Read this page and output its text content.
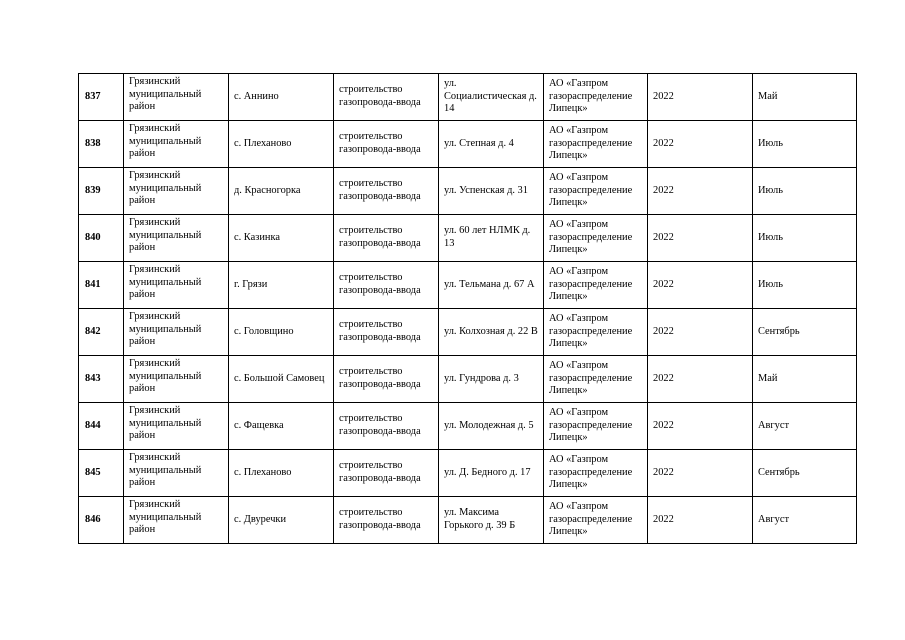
837	Грязинский муниципальный район	с. Аннино	строительство газопровода-ввода	ул. Социалистическая д. 14	АО «Газпром газораспределение Липецк»	2022	Май
838	Грязинский муниципальный район	с. Плеханово	строительство газопровода-ввода	ул. Степная д. 4	АО «Газпром газораспределение Липецк»	2022	Июль
839	Грязинский муниципальный район	д. Красногорка	строительство газопровода-ввода	ул. Успенская д. 31	АО «Газпром газораспределение Липецк»	2022	Июль
840	Грязинский муниципальный район	с. Казинка	строительство газопровода-ввода	ул. 60 лет НЛМК д. 13	АО «Газпром газораспределение Липецк»	2022	Июль
841	Грязинский муниципальный район	г. Грязи	строительство газопровода-ввода	ул. Тельмана д. 67 А	АО «Газпром газораспределение Липецк»	2022	Июль
842	Грязинский муниципальный район	с. Головщино	строительство газопровода-ввода	ул. Колхозная д. 22 В	АО «Газпром газораспределение Липецк»	2022	Сентябрь
843	Грязинский муниципальный район	с. Большой Самовец	строительство газопровода-ввода	ул. Гундрова д. 3	АО «Газпром газораспределение Липецк»	2022	Май
844	Грязинский муниципальный район	с. Фащевка	строительство газопровода-ввода	ул. Молодежная д. 5	АО «Газпром газораспределение Липецк»	2022	Август
845	Грязинский муниципальный район	с. Плеханово	строительство газопровода-ввода	ул. Д. Бедного д. 17	АО «Газпром газораспределение Липецк»	2022	Сентябрь
846	Грязинский муниципальный район	с. Двуречки	строительство газопровода-ввода	ул. Максима Горького д. 39 Б	АО «Газпром газораспределение Липецк»	2022	Август
